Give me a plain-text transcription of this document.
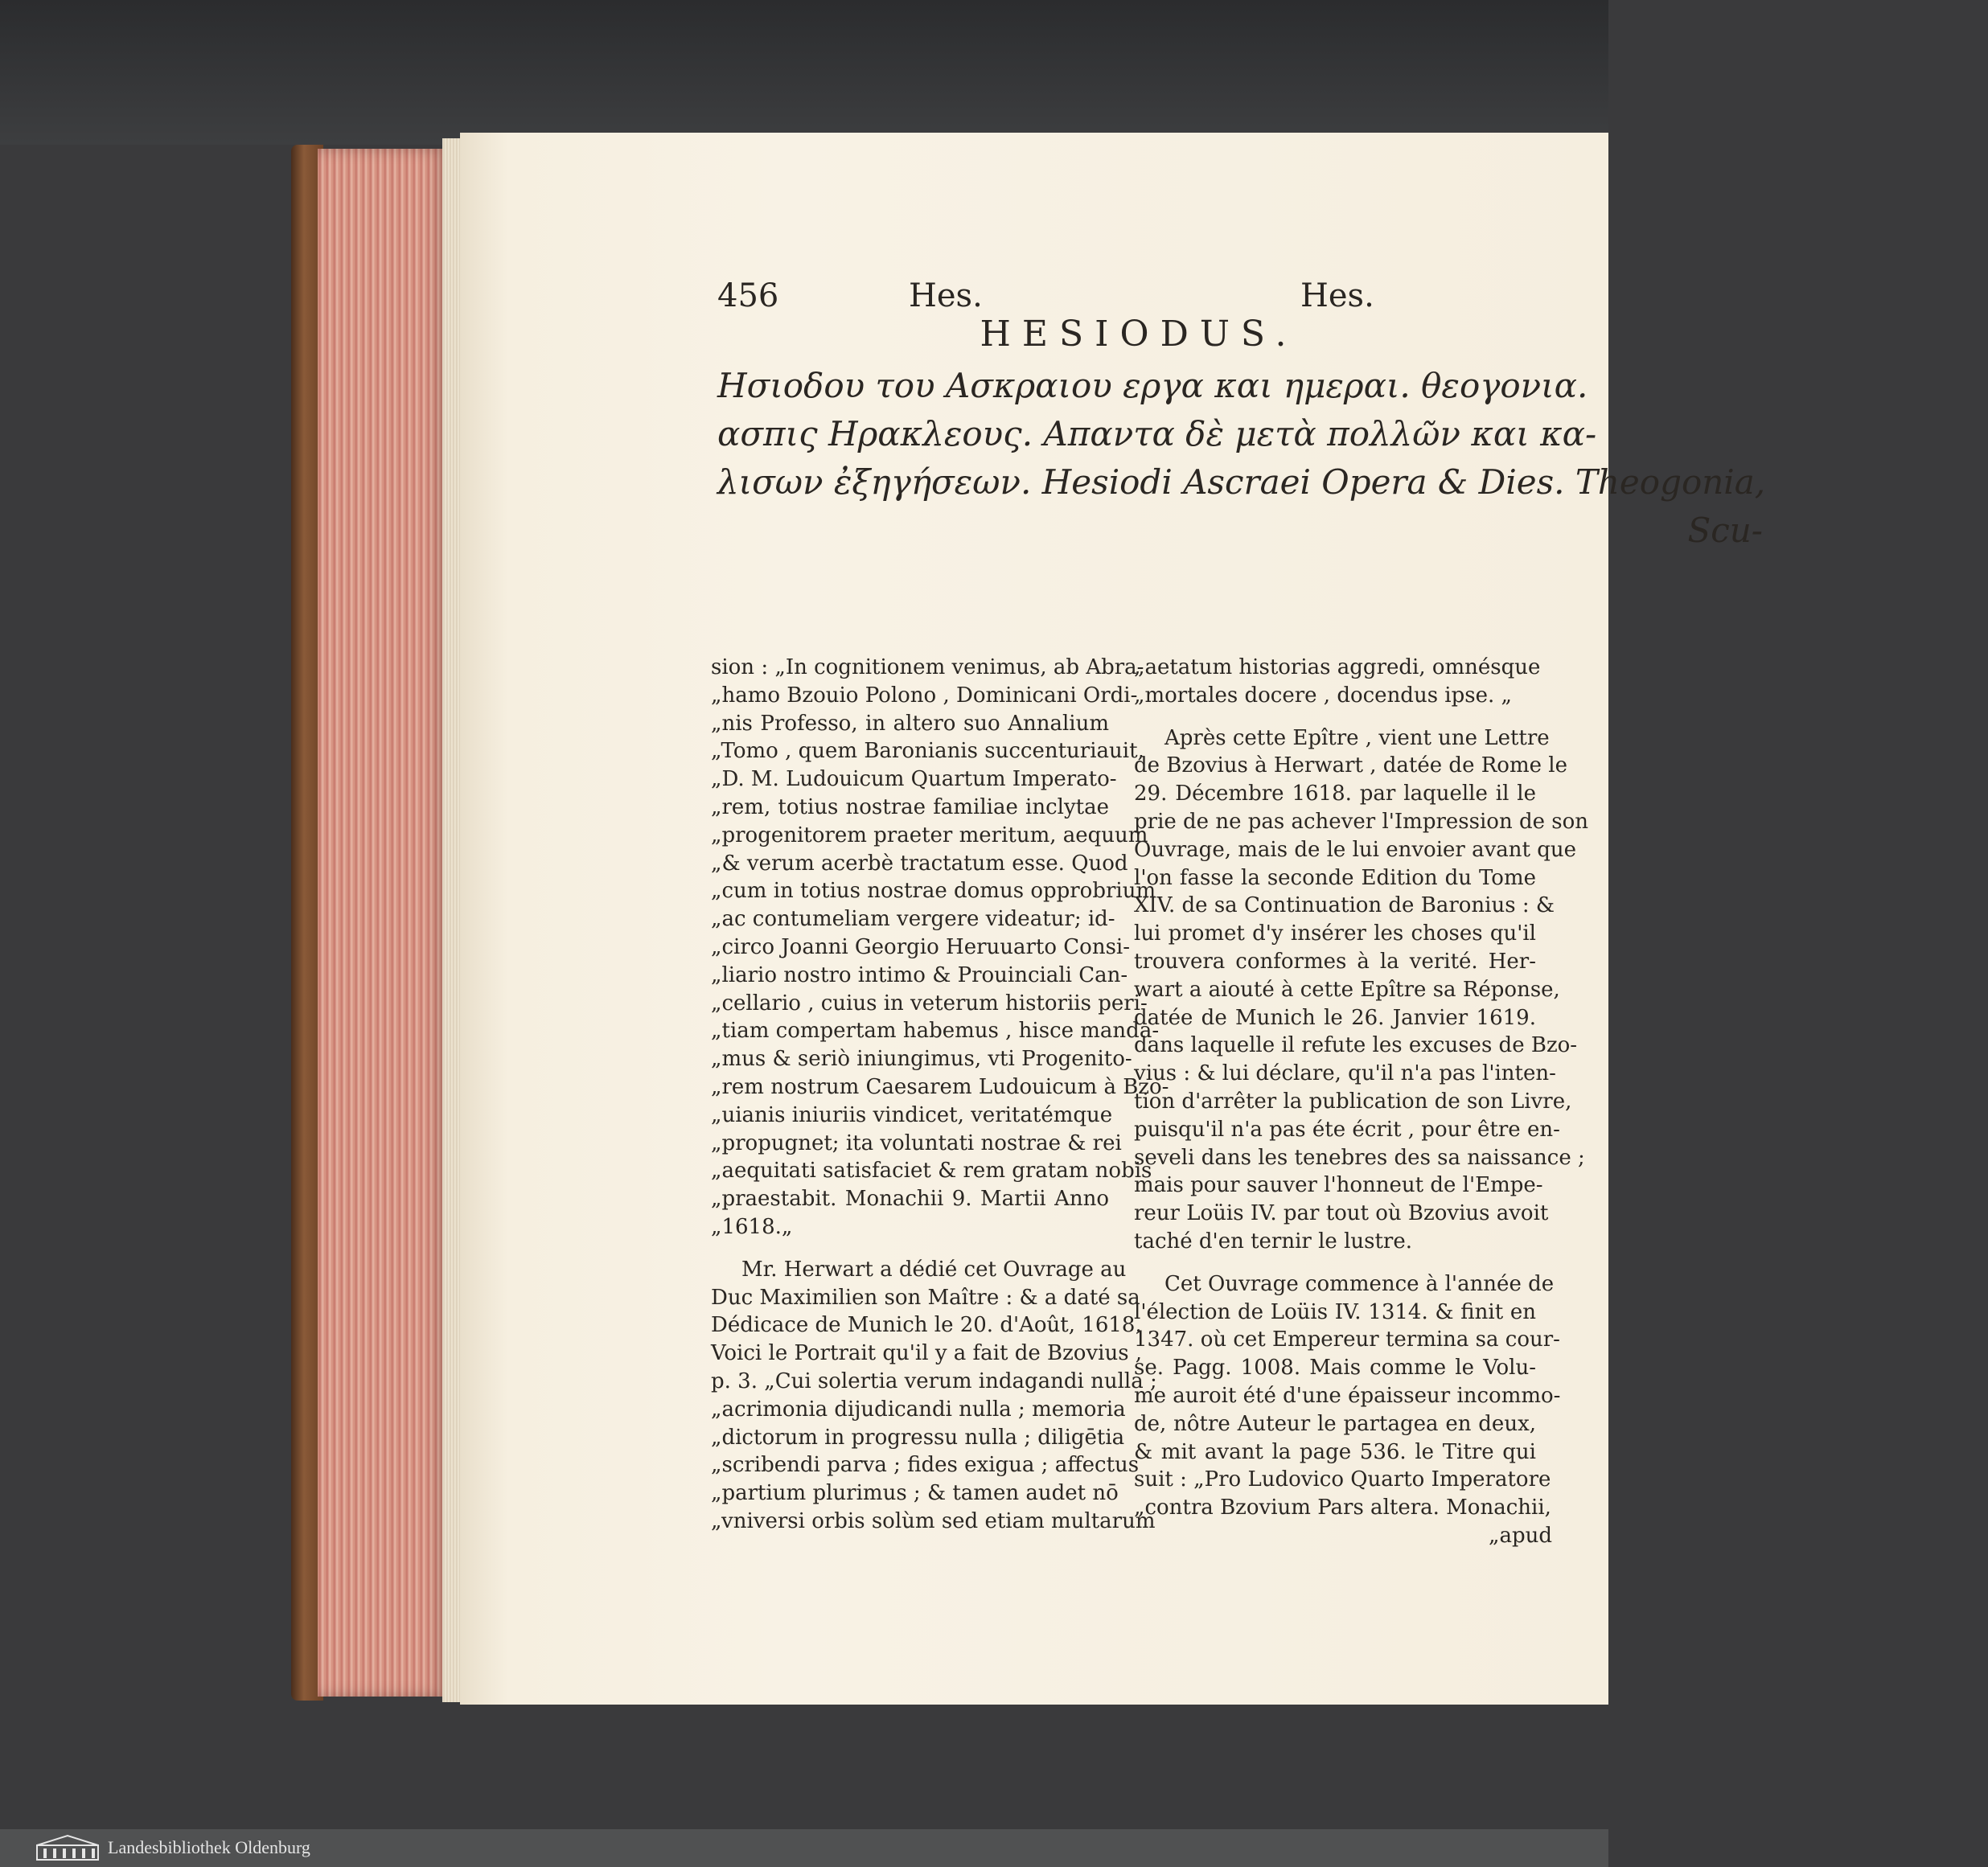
456	Hes.	Hes.
HESIODUS.
Ησιοδου του Ασκραιου εργα και ημεραι. θεογονια.
ασπις Ηρακλεους. Απαντα δὲ μετὰ πολλῶν και κα-
λισων ἐξηγήσεων. Hesiodi Ascraei Opera & Dies. Theogonia,
Scu-

sion : „In cognitionem venimus, ab Abra-
„hamo Bzouio Polono , Dominicani Ordi-
„nis Professo, in altero suo Annalium
„Tomo , quem Baronianis succenturiauit,
„D. M. Ludouicum Quartum Imperato-
„rem, totius nostrae familiae inclytae
„progenitorem praeter meritum, aequum
„& verum acerbè tractatum esse. Quod
„cum in totius nostrae domus opprobrium
„ac contumeliam vergere videatur; id-
„circo Joanni Georgio Heruuarto Consi-
„liario nostro intimo & Prouinciali Can-
„cellario , cuius in veterum historiis peri-
„tiam compertam habemus , hisce manda-
„mus & seriò iniungimus, vti Progenito-
„rem nostrum Caesarem Ludouicum à Bzo-
„uianis iniuriis vindicet, veritatémque
„propugnet; ita voluntati nostrae & rei
„aequitati satisfaciet & rem gratam nobis
„praestabit. Monachii 9. Martii Anno
„1618.„

Mr. Herwart a dédié cet Ouvrage au
Duc Maximilien son Maître : & a daté sa
Dédicace de Munich le 20. d'Août, 1618.
Voici le Portrait qu'il y a fait de Bzovius ,
p. 3. „Cui solertia verum indagandi nulla ;
„acrimonia dijudicandi nulla ; memoria
„dictorum in progressu nulla ; diligētia
„scribendi parva ; fides exigua ; affectus
„partium plurimus ; & tamen audet nō
„vniversi orbis solùm sed etiam multarum

„aetatum historias aggredi, omnésque
„mortales docere , docendus ipse. „

Après cette Epître , vient une Lettre
de Bzovius à Herwart , datée de Rome le
29. Décembre 1618. par laquelle il le
prie de ne pas achever l'Impression de son
Ouvrage, mais de le lui envoier avant que
l'on fasse la seconde Edition du Tome
XIV. de sa Continuation de Baronius : &
lui promet d'y insérer les choses qu'il
trouvera conformes à la verité. Her-
wart a aiouté à cette Epître sa Réponse,
datée de Munich le 26. Janvier 1619.
dans laquelle il refute les excuses de Bzo-
vius : & lui déclare, qu'il n'a pas l'inten-
tion d'arrêter la publication de son Livre,
puisqu'il n'a pas éte écrit , pour être en-
seveli dans les tenebres des sa naissance ;
mais pour sauver l'honneut de l'Empe-
reur Loüis IV. par tout où Bzovius avoit
taché d'en ternir le lustre.

Cet Ouvrage commence à l'année de
l'élection de Loüis IV. 1314. & finit en
1347. où cet Empereur termina sa cour-
se. Pagg. 1008. Mais comme le Volu-
me auroit été d'une épaisseur incommo-
de, nôtre Auteur le partagea en deux,
& mit avant la page 536. le Titre qui
suit : „Pro Ludovico Quarto Imperatore
„contra Bzovium Pars altera. Monachii,

„apud
Landesbibliothek Oldenburg
